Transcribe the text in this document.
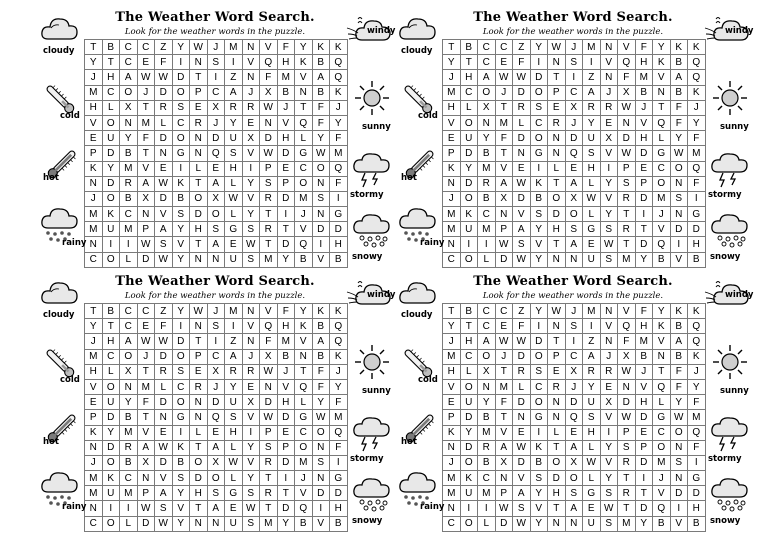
The Weather Word Search.
Look for the weather words in the puzzle.
T	B	C	C	Z	Y	W	J	M	N	V	F	Y	K	K
Y	T	C	E	F	I	N	S	I	V	Q	H	K	B	Q
J	H	A	W	W	D	T	I	Z	N	F	M	V	A	Q
M	C	O	J	D	O	P	C	A	J	X	B	N	B	K
H	L	X	T	R	S	E	X	R	R	W	J	T	F	J
V	O	N	M	L	C	R	J	Y	E	N	V	Q	F	Y
E	U	Y	F	D	O	N	D	U	X	D	H	L	Y	F
P	D	B	T	N	G	N	Q	S	V	W	D	G	W	M
K	Y	M	V	E	I	L	E	H	I	P	E	C	O	Q
N	D	R	A	W	K	T	A	L	Y	S	P	O	N	F
J	O	B	X	D	B	O	X	W	V	R	D	M	S	I
M	K	C	N	V	S	D	O	L	Y	T	I	J	N	G
M	U	M	P	A	Y	H	S	G	S	R	T	V	D	D
N	I	I	W	S	V	T	A	E	W	T	D	Q	I	H
C	O	L	D	W	Y	N	N	U	S	M	Y	B	V	B
cloudy
cold
hot
rainy
windy
sunny
stormy
snowy
The Weather Word Search.
Look for the weather words in the puzzle.
T	B	C	C	Z	Y	W	J	M	N	V	F	Y	K	K
Y	T	C	E	F	I	N	S	I	V	Q	H	K	B	Q
J	H	A	W	W	D	T	I	Z	N	F	M	V	A	Q
M	C	O	J	D	O	P	C	A	J	X	B	N	B	K
H	L	X	T	R	S	E	X	R	R	W	J	T	F	J
V	O	N	M	L	C	R	J	Y	E	N	V	Q	F	Y
E	U	Y	F	D	O	N	D	U	X	D	H	L	Y	F
P	D	B	T	N	G	N	Q	S	V	W	D	G	W	M
K	Y	M	V	E	I	L	E	H	I	P	E	C	O	Q
N	D	R	A	W	K	T	A	L	Y	S	P	O	N	F
J	O	B	X	D	B	O	X	W	V	R	D	M	S	I
M	K	C	N	V	S	D	O	L	Y	T	I	J	N	G
M	U	M	P	A	Y	H	S	G	S	R	T	V	D	D
N	I	I	W	S	V	T	A	E	W	T	D	Q	I	H
C	O	L	D	W	Y	N	N	U	S	M	Y	B	V	B
cloudy
cold
hot
rainy
windy
sunny
stormy
snowy
The Weather Word Search.
Look for the weather words in the puzzle.
T	B	C	C	Z	Y	W	J	M	N	V	F	Y	K	K
Y	T	C	E	F	I	N	S	I	V	Q	H	K	B	Q
J	H	A	W	W	D	T	I	Z	N	F	M	V	A	Q
M	C	O	J	D	O	P	C	A	J	X	B	N	B	K
H	L	X	T	R	S	E	X	R	R	W	J	T	F	J
V	O	N	M	L	C	R	J	Y	E	N	V	Q	F	Y
E	U	Y	F	D	O	N	D	U	X	D	H	L	Y	F
P	D	B	T	N	G	N	Q	S	V	W	D	G	W	M
K	Y	M	V	E	I	L	E	H	I	P	E	C	O	Q
N	D	R	A	W	K	T	A	L	Y	S	P	O	N	F
J	O	B	X	D	B	O	X	W	V	R	D	M	S	I
M	K	C	N	V	S	D	O	L	Y	T	I	J	N	G
M	U	M	P	A	Y	H	S	G	S	R	T	V	D	D
N	I	I	W	S	V	T	A	E	W	T	D	Q	I	H
C	O	L	D	W	Y	N	N	U	S	M	Y	B	V	B
cloudy
cold
hot
rainy
windy
sunny
stormy
snowy
The Weather Word Search.
Look for the weather words in the puzzle.
T	B	C	C	Z	Y	W	J	M	N	V	F	Y	K	K
Y	T	C	E	F	I	N	S	I	V	Q	H	K	B	Q
J	H	A	W	W	D	T	I	Z	N	F	M	V	A	Q
M	C	O	J	D	O	P	C	A	J	X	B	N	B	K
H	L	X	T	R	S	E	X	R	R	W	J	T	F	J
V	O	N	M	L	C	R	J	Y	E	N	V	Q	F	Y
E	U	Y	F	D	O	N	D	U	X	D	H	L	Y	F
P	D	B	T	N	G	N	Q	S	V	W	D	G	W	M
K	Y	M	V	E	I	L	E	H	I	P	E	C	O	Q
N	D	R	A	W	K	T	A	L	Y	S	P	O	N	F
J	O	B	X	D	B	O	X	W	V	R	D	M	S	I
M	K	C	N	V	S	D	O	L	Y	T	I	J	N	G
M	U	M	P	A	Y	H	S	G	S	R	T	V	D	D
N	I	I	W	S	V	T	A	E	W	T	D	Q	I	H
C	O	L	D	W	Y	N	N	U	S	M	Y	B	V	B
cloudy
cold
hot
rainy
windy
sunny
stormy
snowy
